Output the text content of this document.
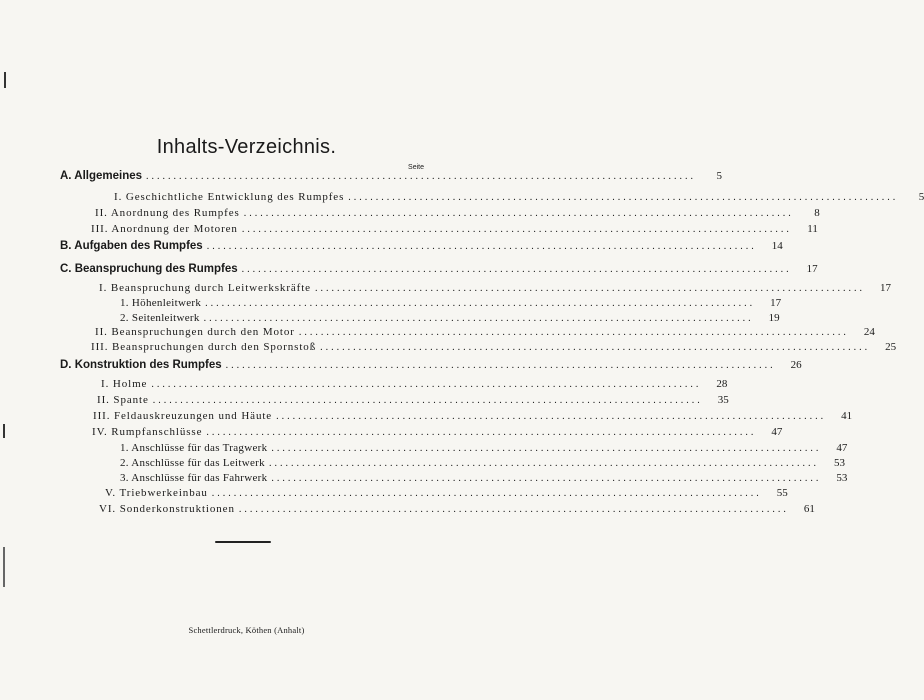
Inhalts-Verzeichnis.
Seite
A. Allgemeines ....................................................................................................	5
I. Geschichtliche Entwicklung des Rumpfes ....................................................................................................	5
II. Anordnung des Rumpfes ....................................................................................................	8
III. Anordnung der Motoren ....................................................................................................	11
B. Aufgaben des Rumpfes ....................................................................................................	14
C. Beanspruchung des Rumpfes ....................................................................................................	17
I. Beanspruchung durch Leitwerkskräfte ....................................................................................................	17
1. Höhenleitwerk ....................................................................................................	17
2. Seitenleitwerk ....................................................................................................	19
II. Beanspruchungen durch den Motor ....................................................................................................	24
III. Beanspruchungen durch den Spornstoß ....................................................................................................	25
D. Konstruktion des Rumpfes ....................................................................................................	26
I. Holme ....................................................................................................	28
II. Spante ....................................................................................................	35
III. Feldauskreuzungen und Häute ....................................................................................................	41
IV. Rumpfanschlüsse ....................................................................................................	47
1. Anschlüsse für das Tragwerk ....................................................................................................	47
2. Anschlüsse für das Leitwerk ....................................................................................................	53
3. Anschlüsse für das Fahrwerk ....................................................................................................	53
V. Triebwerkeinbau ....................................................................................................	55
VI. Sonderkonstruktionen ....................................................................................................	61
Schettlerdruck, Köthen (Anhalt)
